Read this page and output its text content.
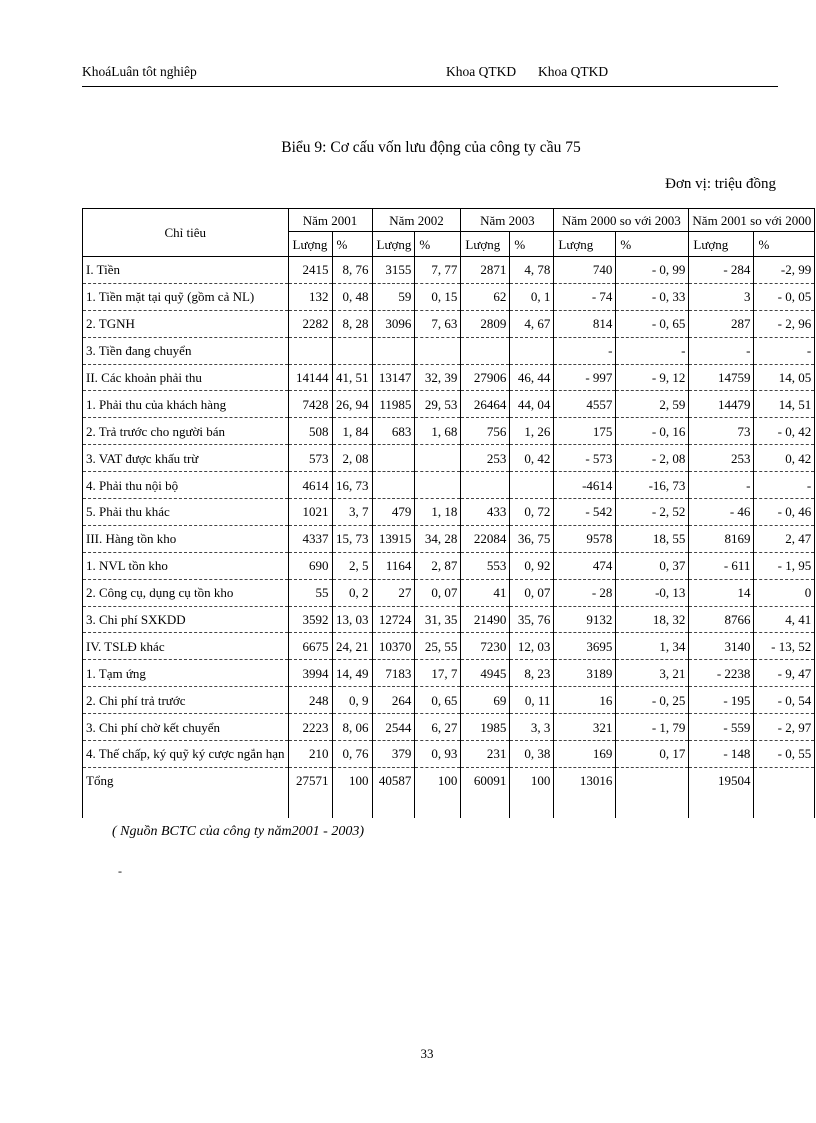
KhoáLuân tôt nghiêp	Khoa QTKD Khoa QTKD
Biểu 9: Cơ cấu vốn lưu động của công ty cầu 75
Đơn vị: triệu đồng
Chỉ tiêu	Năm 2001		Năm 2002		Năm 2003		Năm 2000 so với 2003		Năm 2001 so với 2000	
	Lượng	%	Lượng	%	Lượng	%	Lượng	%	Lượng	%
I. Tiền	2415	8, 76	3155	7, 77	2871	4, 78	740	- 0, 99	- 284	-2, 99
1. Tiền mặt tại quỹ (gồm cả NL)	132	0, 48	59	0, 15	62	0, 1	- 74	- 0, 33	3	- 0, 05
2. TGNH	2282	8, 28	3096	7, 63	2809	4, 67	814	- 0, 65	287	- 2, 96
3. Tiền đang chuyển							-	-	-	-
II. Các khoản phải thu	14144	41, 51	13147	32, 39	27906	46, 44	- 997	- 9, 12	14759	14, 05
1. Phải thu của khách hàng	7428	26, 94	11985	29, 53	26464	44, 04	4557	2, 59	14479	14, 51
2. Trả trước cho người bán	508	1, 84	683	1, 68	756	1, 26	175	- 0, 16	73	- 0, 42
3. VAT được khấu trừ	573	2, 08			253	0, 42	- 573	- 2, 08	253	0, 42
4. Phải thu nội bộ	4614	16, 73					-4614	-16, 73	-	-
5. Phải thu khác	1021	3, 7	479	1, 18	433	0, 72	- 542	- 2, 52	- 46	- 0, 46
III. Hàng tồn kho	4337	15, 73	13915	34, 28	22084	36, 75	9578	18, 55	8169	2, 47
1. NVL tồn kho	690	2, 5	1164	2, 87	553	0, 92	474	0, 37	- 611	- 1, 95
2. Công cụ, dụng cụ tồn kho	55	0, 2	27	0, 07	41	0, 07	- 28	-0, 13	14	0
3. Chi phí SXKDD	3592	13, 03	12724	31, 35	21490	35, 76	9132	18, 32	8766	4, 41
IV. TSLĐ khác	6675	24, 21	10370	25, 55	7230	12, 03	3695	1, 34	3140	- 13, 52
1. Tạm ứng	3994	14, 49	7183	17, 7	4945	8, 23	3189	3, 21	- 2238	- 9, 47
2. Chi phí trả trước	248	0, 9	264	0, 65	69	0, 11	16	- 0, 25	- 195	- 0, 54
3. Chi phí chờ kết chuyển	2223	8, 06	2544	6, 27	1985	3, 3	321	- 1, 79	- 559	- 2, 97
4. Thế chấp, ký quỹ ký cược ngắn hạn	210	0, 76	379	0, 93	231	0, 38	169	0, 17	- 148	- 0, 55
Tổng	27571	100	40587	100	60091	100	13016		19504	
( Nguồn BCTC của công ty năm2001 - 2003)
-
33
